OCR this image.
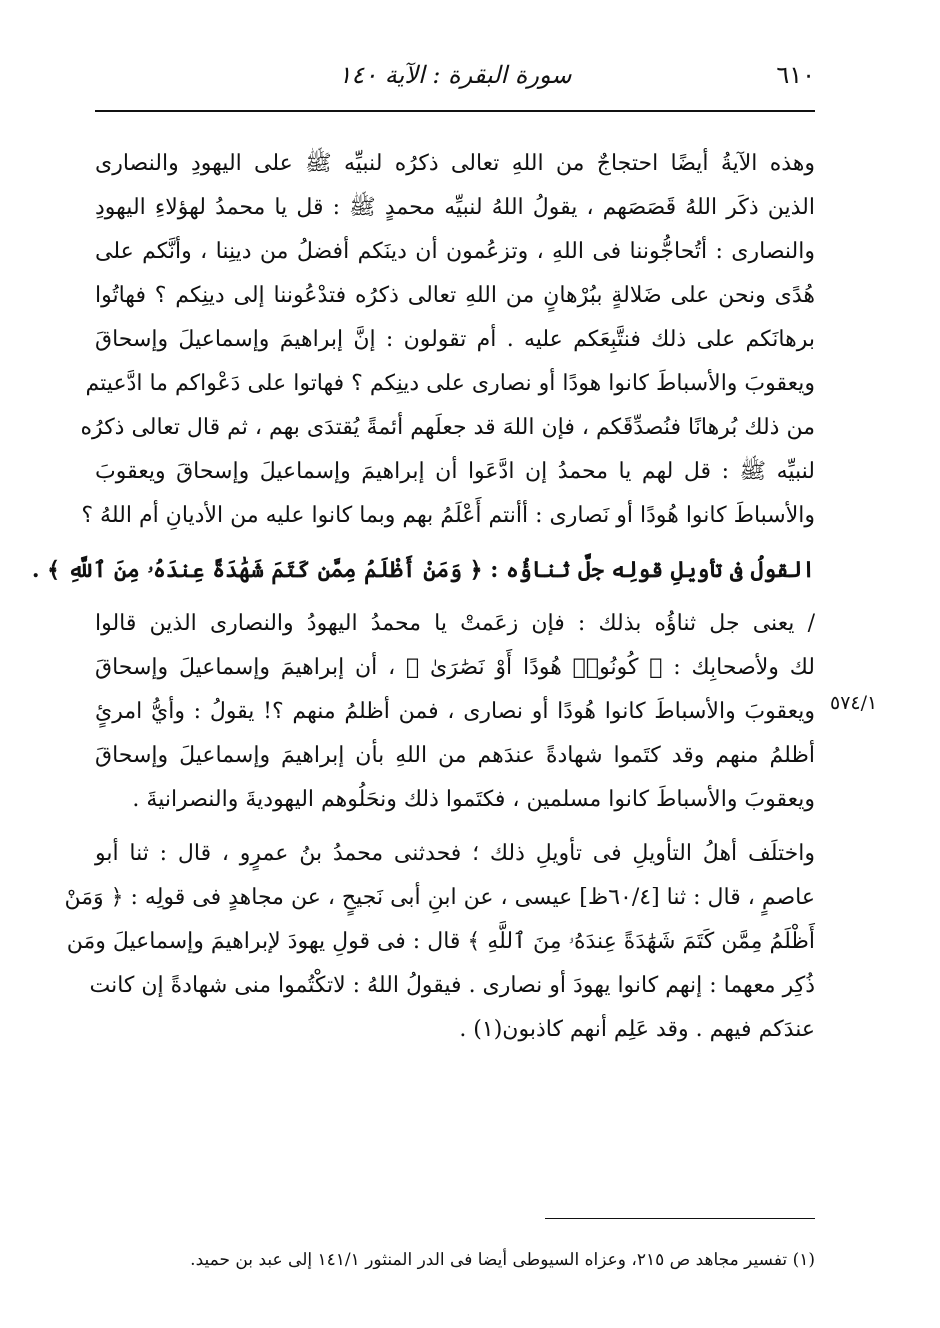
٦١٠
سورة البقرة : الآية ١٤٠
٥٧٤/١
وهذه الآيةُ أيضًا احتجاجٌ من اللهِ تعالى ذكرُه لنبيِّه ﷺ على اليهودِ والنصارى
الذين ذكَر اللهُ قَصَصَهم ، يقولُ اللهُ لنبيِّه محمدٍ ﷺ : قل يا محمدُ لهؤلاءِ اليهودِ
والنصارى : أتُحاجُّوننا فى اللهِ ، وتزعُمون أن دينَكم أفضلُ من دينِنا ، وأنَّكم على
هُدًى ونحن على ضَلالةٍ ببُرْهانٍ من اللهِ تعالى ذكرُه فتدْعُوننا إلى دينِكم ؟ فهاتُوا
برهانَكم على ذلك فنتَّبِعَكم عليه . أم تقولون : إنَّ إبراهيمَ وإسماعيلَ وإسحاقَ
ويعقوبَ والأسباطَ كانوا هودًا أو نصارى على دينِكم ؟ فهاتوا على دَعْواكم ما ادَّعيتم
من ذلك بُرهانًا فنُصدِّقَكم ، فإن اللهَ قد جعلَهم أئمةً يُقتدَى بهم ، ثم قال تعالى ذكرُه
لنبيِّه ﷺ : قل لهم يا محمدُ إن ادَّعَوا أن إبراهيمَ وإسماعيلَ وإسحاقَ ويعقوبَ
والأسباطَ كانوا هُودًا أو نَصارى : أأنتم أَعْلَمُ بهم وبما كانوا عليه من الأديانِ أم اللهُ ؟
القولُ فى تأويلِ قولِه جلَّ ثناؤُه : ﴿ وَمَنْ أَظْلَمُ مِمَّن كَتَمَ شَهَٰدَةً عِندَهُۥ مِنَ ٱللَّهِ ﴾ .
/ يعنى جل ثناؤُه بذلك : فإن زعَمتْ يا محمدُ اليهودُ والنصارى الذين قالوا
لك ولأصحابِك : ﴿ كُونُوا۟ هُودًا أَوْ نَصَٰرَىٰ ﴾ ، أن إبراهيمَ وإسماعيلَ وإسحاقَ
ويعقوبَ والأسباطَ كانوا هُودًا أو نصارى ، فمن أظلمُ منهم ؟! يقولُ : وأيُّ امرئٍ
أظلمُ منهم وقد كتَموا شهادةً عندَهم من اللهِ بأن إبراهيمَ وإسماعيلَ وإسحاقَ
ويعقوبَ والأسباطَ كانوا مسلمين ، فكتَموا ذلك ونحَلُوهم اليهوديةَ والنصرانيةَ .
واختلَف أهلُ التأويلِ فى تأويلِ ذلك ؛ فحدثنى محمدُ بنُ عمرٍو ، قال : ثنا أبو
عاصمٍ ، قال : ثنا [٦٠/٤ظ] عيسى ، عن ابنِ أبى نَجيحٍ ، عن مجاهدٍ فى قولِه : ﴿ وَمَنْ
أَظْلَمُ مِمَّن كَتَمَ شَهَٰدَةً عِندَهُۥ مِنَ ٱللَّهِ ﴾ قال : فى قولِ يهودَ لإبراهيمَ وإسماعيلَ ومَن
ذُكِر معهما : إنهم كانوا يهودَ أو نصارى . فيقولُ اللهُ : لاتكْتُموا منى شهادةً إن كانت
عندَكم فيهم . وقد عَلِم أنهم كاذبون(١) .
(١) تفسير مجاهد ص ٢١٥، وعزاه السيوطى أيضا فى الدر المنثور ١٤١/١ إلى عبد بن حميد.
